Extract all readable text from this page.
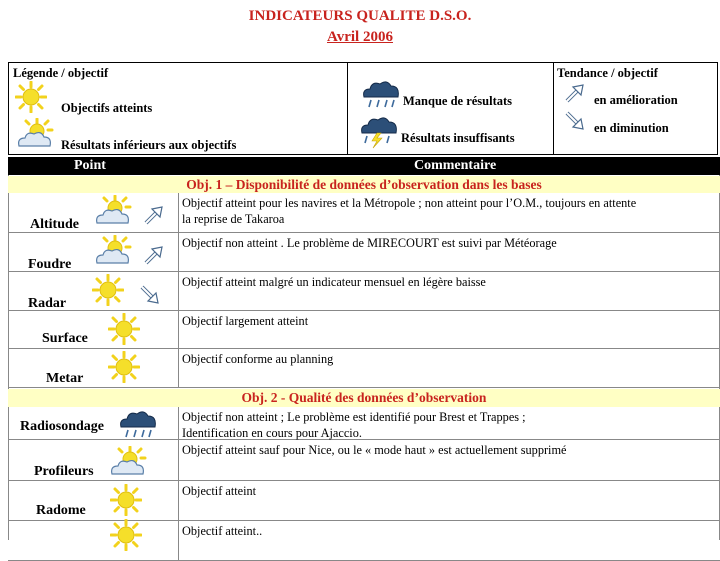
INDICATEURS QUALITE D.S.O.
Avril 2006
Légende / objectif
Objectifs atteints
Résultats inférieurs aux objectifs
Manque de résultats
Résultats insuffisants
Tendance / objectif
en amélioration
en diminution
Point	Commentaire
Obj. 1 – Disponibilité de données d’observation dans les bases
Altitude
Objectif atteint pour les navires et la Métropole ; non atteint pour l’O.M., toujours en attente
la reprise de Takaroa
Foudre
Objectif non atteint . Le problème de MIRECOURT est suivi par Météorage
Radar
Objectif atteint malgré un indicateur mensuel en légère baisse
Surface
Objectif largement atteint
Metar
Objectif conforme au planning
Obj. 2 - Qualité des données d’observation
Radiosondage
Objectif non atteint ; Le problème est identifié pour Brest et Trappes ;
Identification en cours pour Ajaccio.
Profileurs
Objectif atteint sauf pour Nice, ou le « mode haut » est actuellement supprimé
Radome
Objectif atteint
Objectif atteint..
